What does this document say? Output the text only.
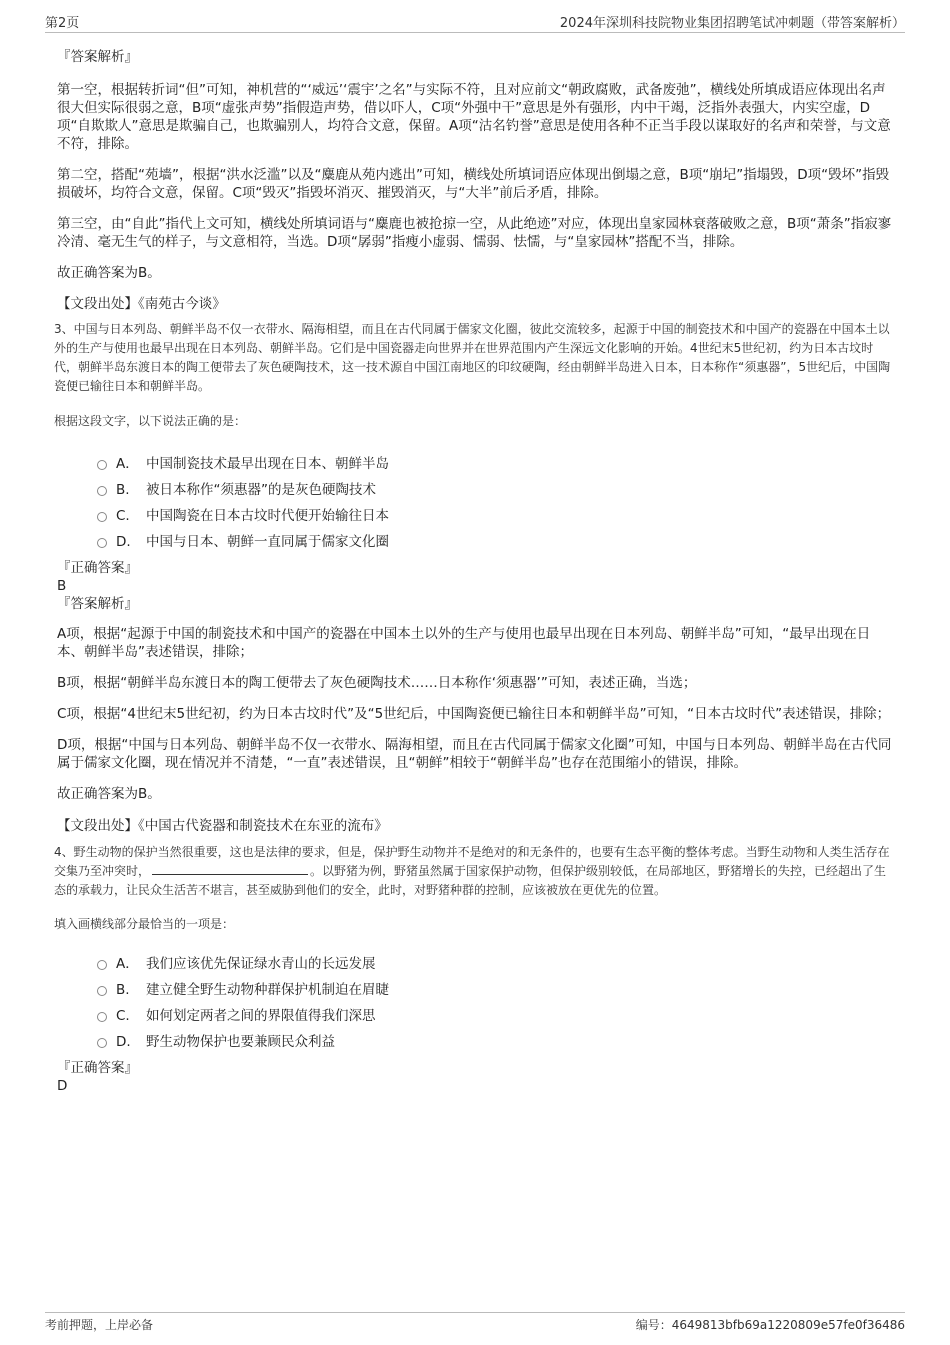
第2页	2024年深圳科技院物业集团招聘笔试冲刺题（带答案解析）

『答案解析』

第一空，根据转折词“但”可知，神机营的“‘威远’‘震宇’之名”与实际不符，且对应前文“朝政腐败，武备废弛”，横线处所填成语应体现出名声很大但实际很弱之意，B项“虚张声势”指假造声势，借以吓人，C项“外强中干”意思是外有强形，内中干竭，泛指外表强大，内实空虚，D项“自欺欺人”意思是欺骗自己，也欺骗别人，均符合文意，保留。A项“沽名钓誉”意思是使用各种不正当手段以谋取好的名声和荣誉，与文意不符，排除。

第二空，搭配“苑墙”，根据“洪水泛滥”以及“麋鹿从苑内逃出”可知，横线处所填词语应体现出倒塌之意，B项“崩圮”指塌毁，D项“毁坏”指毁损破坏，均符合文意，保留。C项“毁灭”指毁坏消灭、摧毁消灭，与“大半”前后矛盾，排除。

第三空，由“自此”指代上文可知，横线处所填词语与“麋鹿也被抢掠一空，从此绝迹”对应，体现出皇家园林衰落破败之意，B项“萧条”指寂寥冷清、毫无生气的样子，与文意相符，当选。D项“孱弱”指瘦小虚弱、懦弱、怯懦，与“皇家园林”搭配不当，排除。

故正确答案为B。

【文段出处】《南苑古今谈》

3、中国与日本列岛、朝鲜半岛不仅一衣带水、隔海相望，而且在古代同属于儒家文化圈，彼此交流较多，起源于中国的制瓷技术和中国产的瓷器在中国本土以外的生产与使用也最早出现在日本列岛、朝鲜半岛。它们是中国瓷器走向世界并在世界范围内产生深远文化影响的开始。4世纪末5世纪初，约为日本古坟时代，朝鲜半岛东渡日本的陶工便带去了灰色硬陶技术，这一技术源自中国江南地区的印纹硬陶，经由朝鲜半岛进入日本，日本称作“须惠器”，5世纪后，中国陶瓷便已输往日本和朝鲜半岛。

根据这段文字，以下说法正确的是：

A． 中国制瓷技术最早出现在日本、朝鲜半岛
B. 被日本称作“须惠器”的是灰色硬陶技术
C. 中国陶瓷在日本古坟时代便开始输往日本
D. 中国与日本、朝鲜一直同属于儒家文化圈

『正确答案』

B

『答案解析』

A项，根据“起源于中国的制瓷技术和中国产的瓷器在中国本土以外的生产与使用也最早出现在日本列岛、朝鲜半岛”可知，“最早出现在日本、朝鲜半岛”表述错误，排除；

B项，根据“朝鲜半岛东渡日本的陶工便带去了灰色硬陶技术……日本称作‘须惠器’”可知，表述正确，当选；

C项，根据“4世纪末5世纪初，约为日本古坟时代”及“5世纪后，中国陶瓷便已输往日本和朝鲜半岛”可知，“日本古坟时代”表述错误，排除；

D项，根据“中国与日本列岛、朝鲜半岛不仅一衣带水、隔海相望，而且在古代同属于儒家文化圈”可知，中国与日本列岛、朝鲜半岛在古代同属于儒家文化圈，现在情况并不清楚，“一直”表述错误，且“朝鲜”相较于“朝鲜半岛”也存在范围缩小的错误，排除。

故正确答案为B。

【文段出处】《中国古代瓷器和制瓷技术在东亚的流布》

4、野生动物的保护当然很重要，这也是法律的要求，但是，保护野生动物并不是绝对的和无条件的，也要有生态平衡的整体考虑。当野生动物和人类生活存在交集乃至冲突时，	。以野猪为例，野猪虽然属于国家保护动物，但保护级别较低，在局部地区，野猪增长的失控，已经超出了生态的承载力，让民众生活苦不堪言，甚至威胁到他们的安全，此时，对野猪种群的控制，应该被放在更优先的位置。

填入画横线部分最恰当的一项是：

A． 我们应该优先保证绿水青山的长远发展
B. 建立健全野生动物种群保护机制迫在眉睫
C. 如何划定两者之间的界限值得我们深思
D. 野生动物保护也要兼顾民众利益

『正确答案』

D

考前押题，上岸必备	编号：4649813bfb69a1220809e57fe0f36486
